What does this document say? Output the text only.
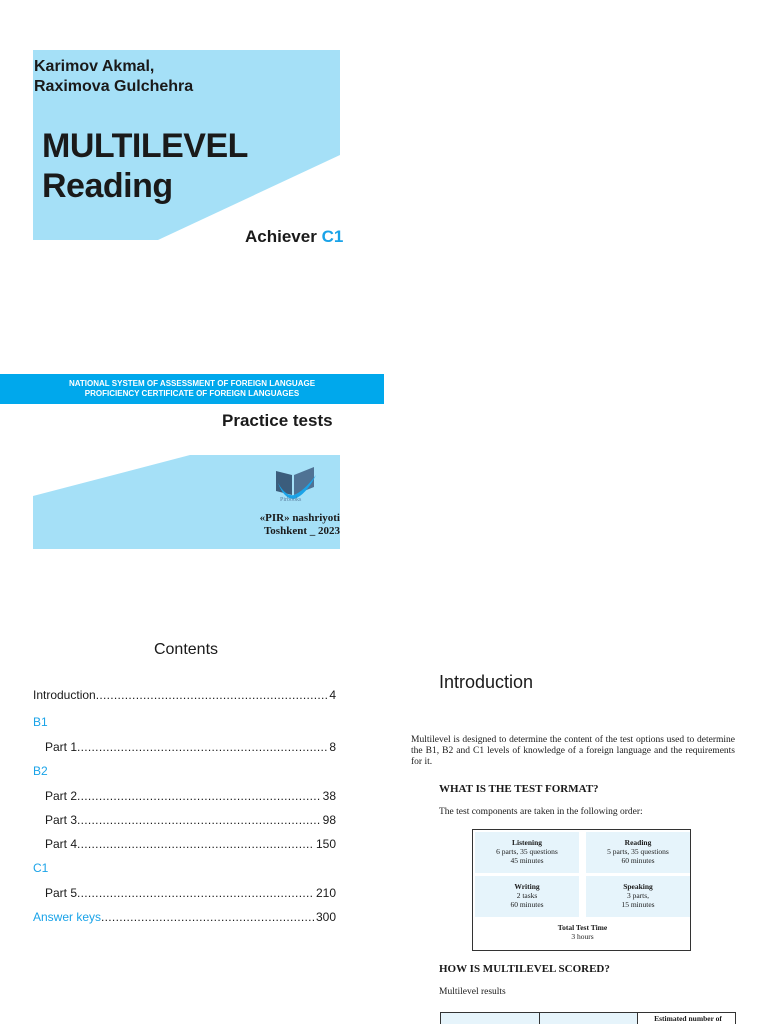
Karimov Akmal,
Raximova Gulchehra
MULTILEVEL
Reading
Achiever C1
NATIONAL SYSTEM OF ASSESSMENT OF FOREIGN LANGUAGE
PROFICIENCY CERTIFICATE OF FOREIGN LANGUAGES
Practice tests
Pirbooks
«PIR» nashriyoti
Toshkent _ 2023
Contents
Introduction .....	4
B1
Part 1 .....	8
B2
Part 2 .....	38
Part 3 .....	98
Part 4 .....	150
C1
Part 5 .....	210
Answer keys .....	300
Introduction
Multilevel is designed to determine the content of the test options used to determine the B1, B2 and C1 levels of knowledge of a foreign language and the requirements for it.
WHAT IS THE TEST FORMAT?
The test components are taken in the following order:
Listening
6 parts, 35 questions
45 minutes
Reading
5 parts, 35 questions
60 minutes
Writing
2 tasks
60 minutes
Speaking
3 parts,
15 minutes
Total Test Time
3 hours
HOW IS MULTILEVEL SCORED?
Multilevel results
Estimated number of
